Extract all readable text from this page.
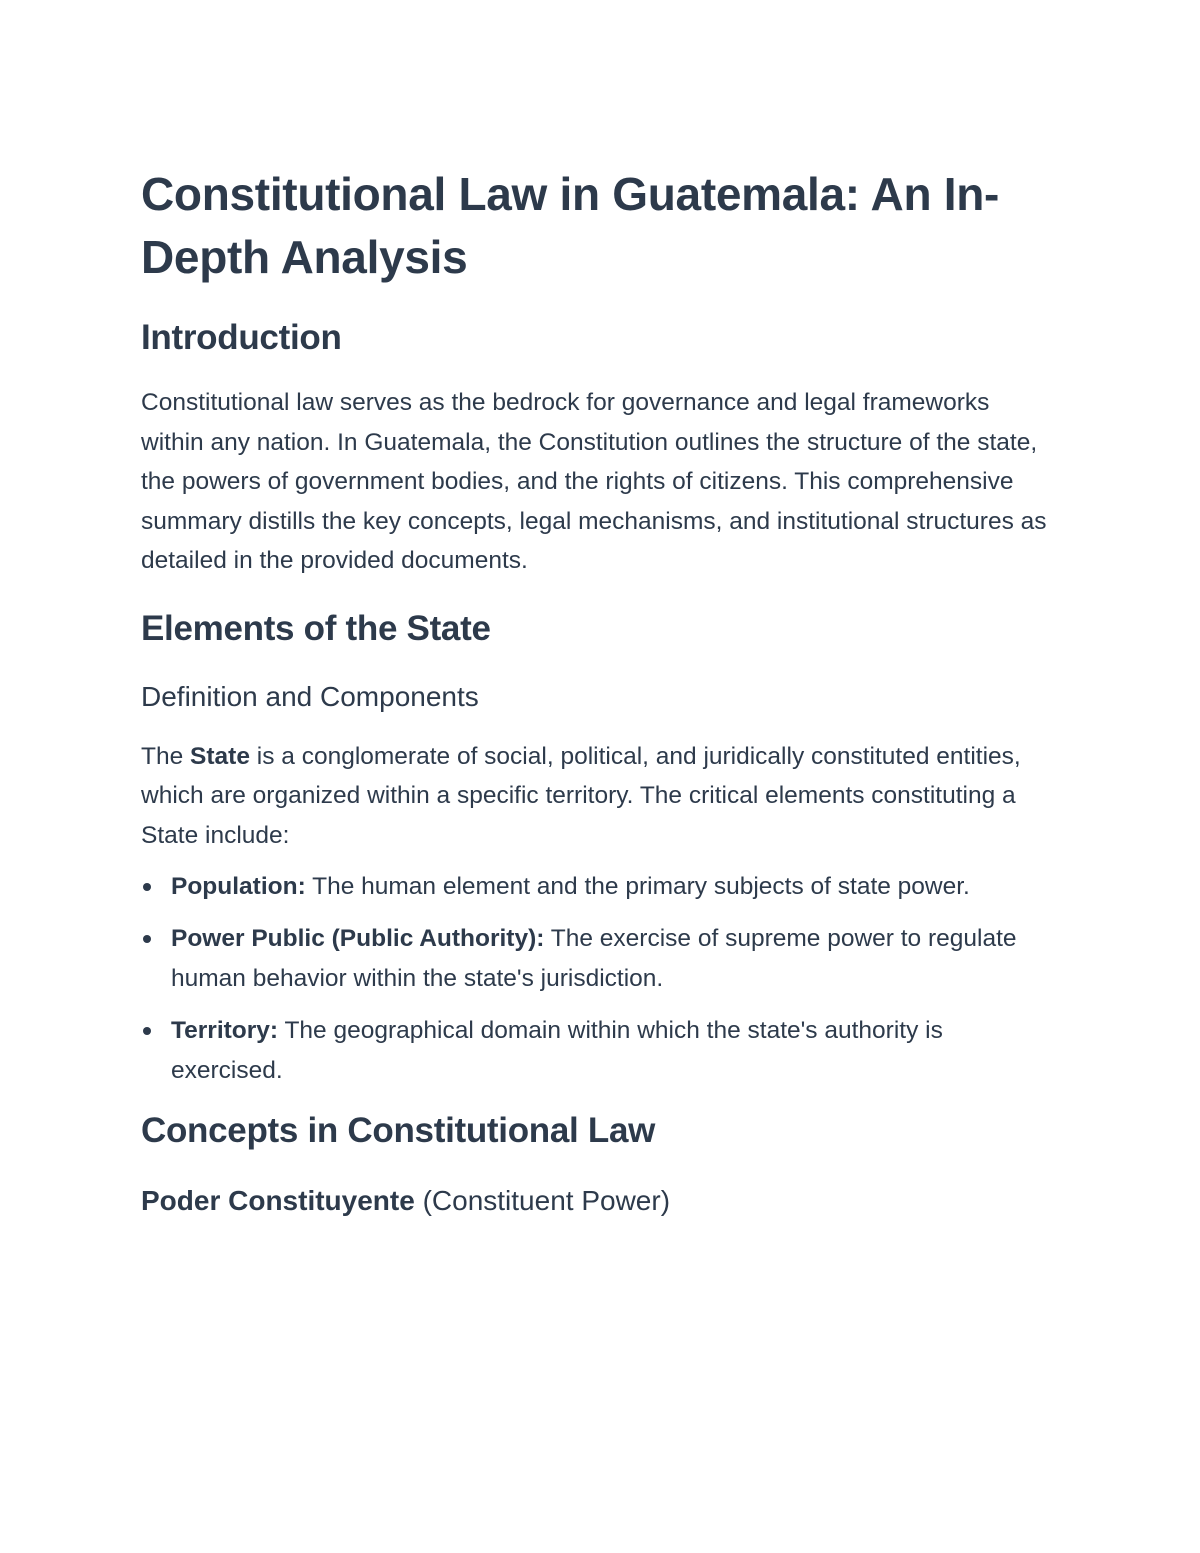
Constitutional Law in Guatemala: An In-Depth Analysis
Introduction

Constitutional law serves as the bedrock for governance and legal frameworks within any nation. In Guatemala, the Constitution outlines the structure of the state, the powers of government bodies, and the rights of citizens. This comprehensive summary distills the key concepts, legal mechanisms, and institutional structures as detailed in the provided documents.

Elements of the State
Definition and Components

The State is a conglomerate of social, political, and juridically constituted entities, which are organized within a specific territory. The critical elements constituting a State include:

Population: The human element and the primary subjects of state power.
Power Public (Public Authority): The exercise of supreme power to regulate human behavior within the state's jurisdiction.
Territory: The geographical domain within which the state's authority is exercised.
Concepts in Constitutional Law
Poder Constituyente (Constituent Power)
